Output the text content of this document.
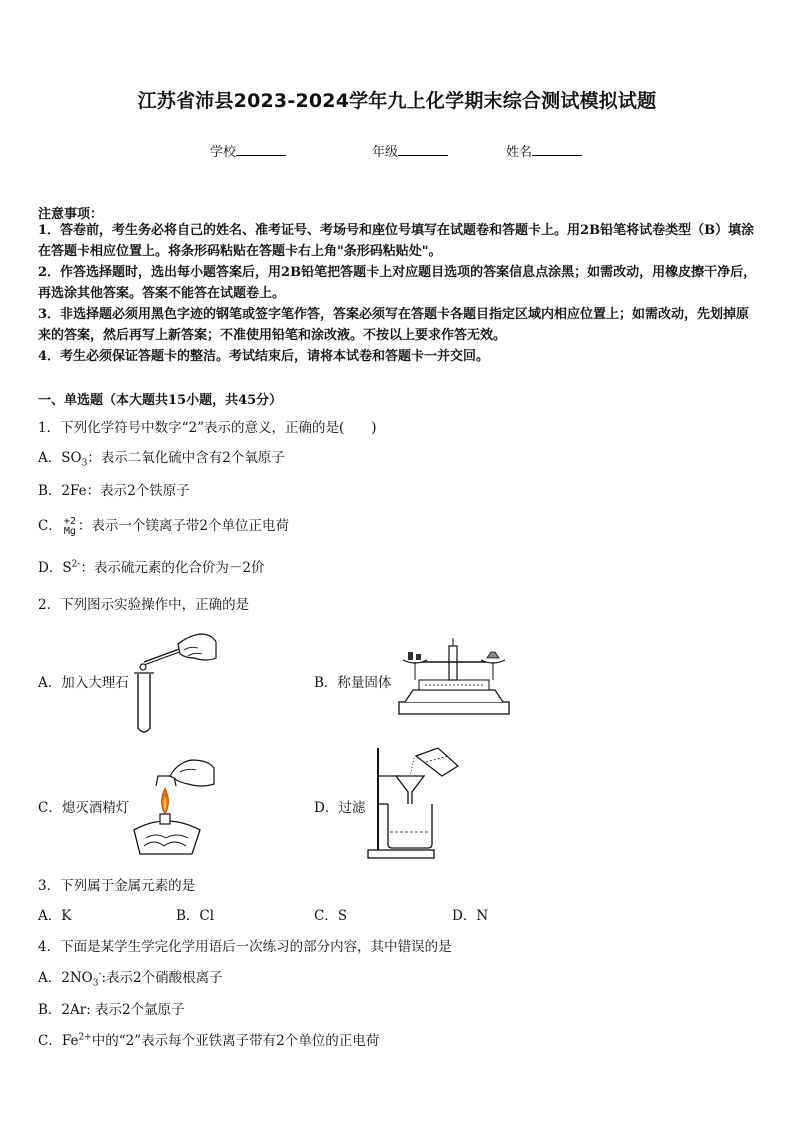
江苏省沛县2023-2024学年九上化学期末综合测试模拟试题
学校	年级	姓名
注意事项：
1．答卷前，考生务必将自己的姓名、准考证号、考场号和座位号填写在试题卷和答题卡上。用2B铅笔将试卷类型（B）填涂在答题卡相应位置上。将条形码粘贴在答题卡右上角"条形码粘贴处"。
2．作答选择题时，选出每小题答案后，用2B铅笔把答题卡上对应题目选项的答案信息点涂黑；如需改动，用橡皮擦干净后，再选涂其他答案。答案不能答在试题卷上。
3．非选择题必须用黑色字迹的钢笔或签字笔作答，答案必须写在答题卡各题目指定区域内相应位置上；如需改动，先划掉原来的答案，然后再写上新答案；不准使用铅笔和涂改液。不按以上要求作答无效。
4．考生必须保证答题卡的整洁。考试结束后，请将本试卷和答题卡一并交回。
一、单选题（本大题共15小题，共45分）
1．下列化学符号中数字“2”表示的意义，正确的是(　　)
A．$SO_3$：表示二氧化硫中含有2个氧原子
B．2Fe：表示2个铁原子
C． +2
Mg ：表示一个镁离子带2个单位正电荷
D．$S^{2-}$：表示硫元素的化合价为－2价
2．下列图示实验操作中，正确的是
A．加入大理石	B．称量固体
C．熄灭酒精灯	D．过滤
3．下列属于金属元素的是
A．K	B．Cl	C．S	D．N
4．下面是某学生学完化学用语后一次练习的部分内容，其中错误的是
A．$2NO_3^-$:表示2个硝酸根离子
B．2Ar: 表示2个氩原子
C．$Fe^{2+}$中的“2”表示每个亚铁离子带有2个单位的正电荷
